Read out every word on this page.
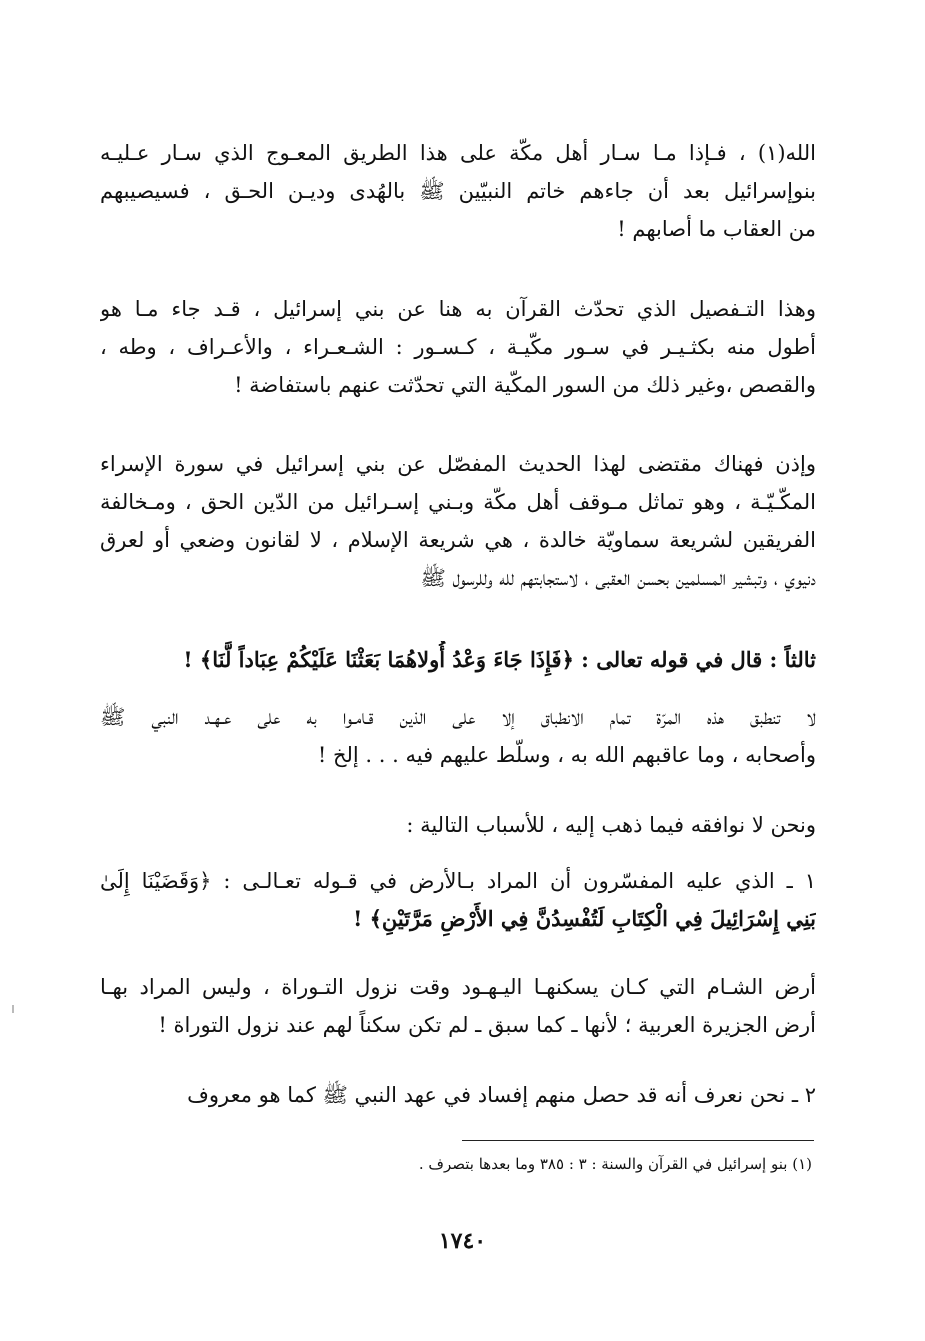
الله(١) ، فـإذا مـا سـار أهل مكّة على هذا الطريق المعـوج الذي سـار عـليـه
بنوإسرائيل بعد أن جاءهم خاتم النبيّين ﷺ بالهُدى وديـن الحـق ، فسيصيبهم
من العقاب ما أصابهم !
وهذا التـفصيل الذي تحدّث القرآن به هنا عن بني إسرائيل ، قـد جاء مـا هو
أطول منه بكثـيـر في سـور مكّيـة ، كـسـور : الشـعـراء ، والأعـراف ، وطه ،
والقصص ،وغير ذلك من السور المكّية التي تحدّثت عنهم باستفاضة !
وإذن فهناك مقتضى لهذا الحديث المفصّل عن بني إسرائيل في سورة الإسراء
المكّـيّـة ، وهو تماثل مـوقف أهل مكّة وبـني إسـرائيل من الدّين الحق ، ومـخالفة
الفريقين لشريعة سماويّة خالدة ، هي شريعة الإسلام ، لا لقانون وضعي أو لعرق
دنيوي ، وتبشير المسلمين بحسن العقبى ، لاستجابتهم لله وللرسول ﷺ
ثالثاً : قال في قوله تعالى : ﴿فَإِذَا جَاءَ وَعْدُ أُولاهُمَا بَعَثْنَا عَلَيْكُمْ عِبَاداً لَّنَا﴾ !
لا تنطبق هذه المرّة تمام الانطباق إلا على الذين قـامـوا به على عـهـد النبي ﷺ
وأصحابه ، وما عاقبهم الله به ، وسلّط عليهم فيه . . . إلخ !
ونحن لا نوافقه فيما ذهب إليه ، للأسباب التالية :
١ ـ الذي عليه المفسّرون أن المراد بـالأرض في قـوله تعـالـى : ﴿وَقَضَيْنَا إِلَىٰ
بَنِي إِسْرَائِيلَ فِي الْكِتَابِ لَتُفْسِدُنَّ فِي الأَرْضِ مَرَّتَيْنِ﴾ !
أرض الشـام التي كـان يسكنهـا اليـهـود وقت نزول التـوراة ، وليس المراد بهـا
أرض الجزيرة العربية ؛ لأنها ـ كما سبق ـ لم تكن سكناً لهم عند نزول التوراة !
٢ ـ نحن نعرف أنه قد حصل منهم إفساد في عهد النبي ﷺ كما هو معروف
(١) بنو إسرائيل في القرآن والسنة : ٣ : ٣٨٥ وما بعدها بتصرف .
١٧٤٠
